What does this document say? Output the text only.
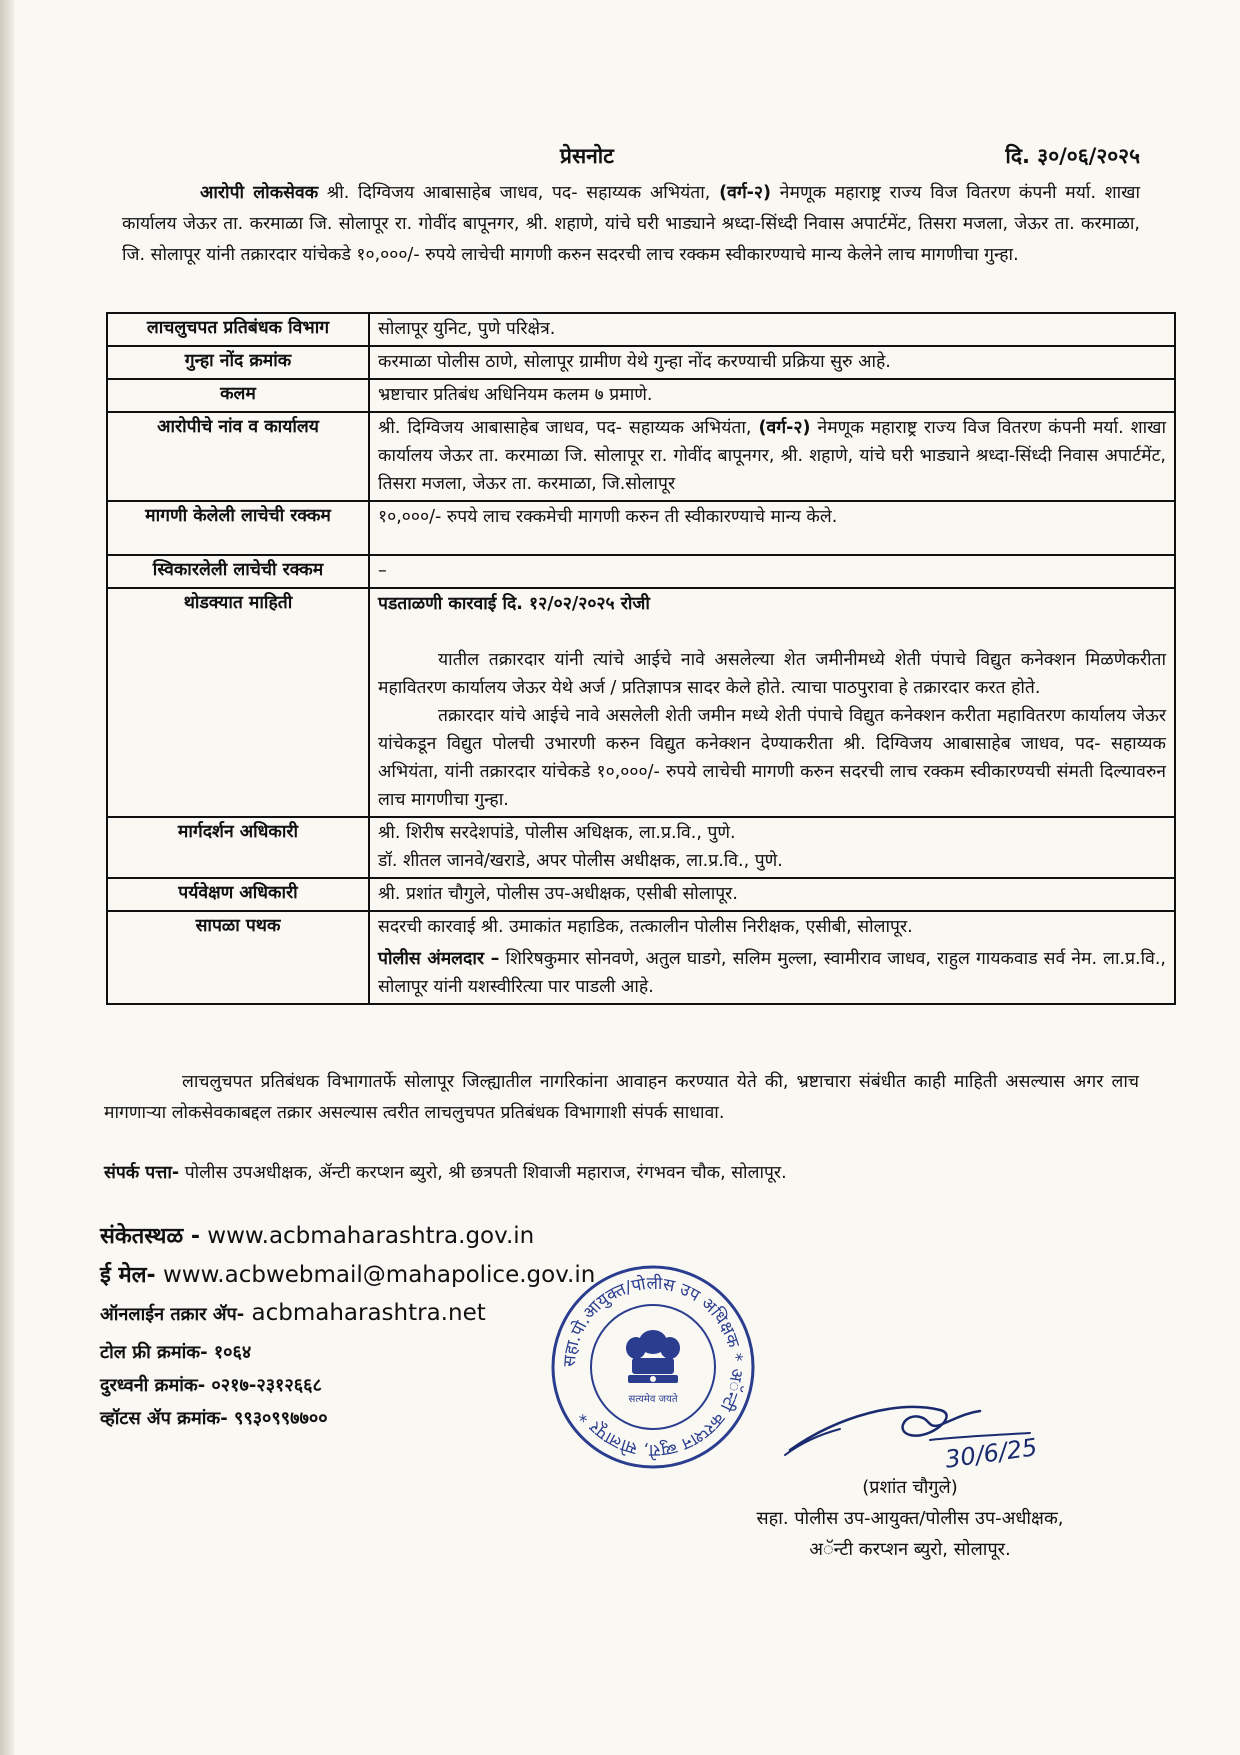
प्रेसनोट	दि. ३०/०६/२०२५
आरोपी लोकसेवक श्री. दिग्विजय आबासाहेब जाधव, पद- सहाय्यक अभियंता, (वर्ग-२) नेमणूक महाराष्ट्र राज्य विज वितरण कंपनी मर्या. शाखा कार्यालय जेऊर ता. करमाळा जि. सोलापूर रा. गोवींद बापूनगर, श्री. शहाणे, यांचे घरी भाड्याने श्रध्दा-सिंध्दी निवास अपार्टमेंट, तिसरा मजला, जेऊर ता. करमाळा, जि. सोलापूर यांनी तक्रारदार यांचेकडे १०,०००/- रुपये लाचेची मागणी करुन सदरची लाच रक्कम स्वीकारण्याचे मान्य केलेने लाच मागणीचा गुन्हा.
लाचलुचपत प्रतिबंधक विभाग	सोलापूर युनिट, पुणे परिक्षेत्र.
गुन्हा नोंद क्रमांक	करमाळा पोलीस ठाणे, सोलापूर ग्रामीण येथे गुन्हा नोंद करण्याची प्रक्रिया सुरु आहे.
कलम	भ्रष्टाचार प्रतिबंध अधिनियम कलम ७ प्रमाणे.
आरोपीचे नांव व कार्यालय	श्री. दिग्विजय आबासाहेब जाधव, पद- सहाय्यक अभियंता, (वर्ग-२) नेमणूक महाराष्ट्र राज्य विज वितरण कंपनी मर्या. शाखा कार्यालय जेऊर ता. करमाळा जि. सोलापूर रा. गोवींद बापूनगर, श्री. शहाणे, यांचे घरी भाड्याने श्रध्दा-सिंध्दी निवास अपार्टमेंट, तिसरा मजला, जेऊर ता. करमाळा, जि.सोलापूर
मागणी केलेली लाचेची रक्कम	१०,०००/- रुपये लाच रक्कमेची मागणी करुन ती स्वीकारण्याचे मान्य केले.
स्विकारलेली लाचेची रक्कम	–
थोडक्यात माहिती	पडताळणी कारवाई दि. १२/०२/२०२५ रोजी
यातील तक्रारदार यांनी त्यांचे आईचे नावे असलेल्या शेत जमीनीमध्ये शेती पंपाचे विद्युत कनेक्शन मिळणेकरीता महावितरण कार्यालय जेऊर येथे अर्ज / प्रतिज्ञापत्र सादर केले होते. त्याचा पाठपुरावा हे तक्रारदार करत होते.
तक्रारदार यांचे आईचे नावे असलेली शेती जमीन मध्ये शेती पंपाचे विद्युत कनेक्शन करीता महावितरण कार्यालय जेऊर यांचेकडून विद्युत पोलची उभारणी करुन विद्युत कनेक्शन देण्याकरीता श्री. दिग्विजय आबासाहेब जाधव, पद- सहाय्यक अभियंता, यांनी तक्रारदार यांचेकडे १०,०००/- रुपये लाचेची मागणी करुन सदरची लाच रक्कम स्वीकारण्यची संमती दिल्यावरुन लाच मागणीचा गुन्हा.

मार्गदर्शन अधिकारी	श्री. शिरीष सरदेशपांडे, पोलीस अधिक्षक, ला.प्र.वि., पुणे.
डॉ. शीतल जानवे/खराडे, अपर पोलीस अधीक्षक, ला.प्र.वि., पुणे.

पर्यवेक्षण अधिकारी	श्री. प्रशांत चौगुले, पोलीस उप-अधीक्षक, एसीबी सोलापूर.
सापळा पथक	सदरची कारवाई श्री. उमाकांत महाडिक, तत्कालीन पोलीस निरीक्षक, एसीबी, सोलापूर.
पोलीस अंमलदार – शिरिषकुमार सोनवणे, अतुल घाडगे, सलिम मुल्ला, स्वामीराव जाधव, राहुल गायकवाड सर्व नेम. ला.प्र.वि., सोलापूर यांनी यशस्वीरित्या पार पाडली आहे.
लाचलुचपत प्रतिबंधक विभागातर्फे सोलापूर जिल्ह्यातील नागरिकांना आवाहन करण्यात येते की, भ्रष्टाचारा संबंधीत काही माहिती असल्यास अगर लाच मागणाऱ्या लोकसेवकाबद्दल तक्रार असल्यास त्वरीत लाचलुचपत प्रतिबंधक विभागाशी संपर्क साधावा.
संपर्क पत्ता- पोलीस उपअधीक्षक, ॲन्टी करप्शन ब्युरो, श्री छत्रपती शिवाजी महाराज, रंगभवन चौक, सोलापूर.
संकेतस्थळ - www.acbmaharashtra.gov.in
ई मेल- www.acbwebmail@mahapolice.gov.in
ऑनलाईन तक्रार ॲप- acbmaharashtra.net
टोल फ्री क्रमांक- १०६४
दुरध्वनी क्रमांक- ०२१७-२३१२६६८
व्हॉटस ॲप क्रमांक- ९९३०९९७७००
सहा.पो.आयुक्त/पोलीस उप अधिक्षक * अॅन्टी करप्शन ब्युरो, सोलापूर *
सत्यमेव जयते
30/6/25
(प्रशांत चौगुले)
सहा. पोलीस उप-आयुक्त/पोलीस उप-अधीक्षक,
अॅन्टी करप्शन ब्युरो, सोलापूर.
